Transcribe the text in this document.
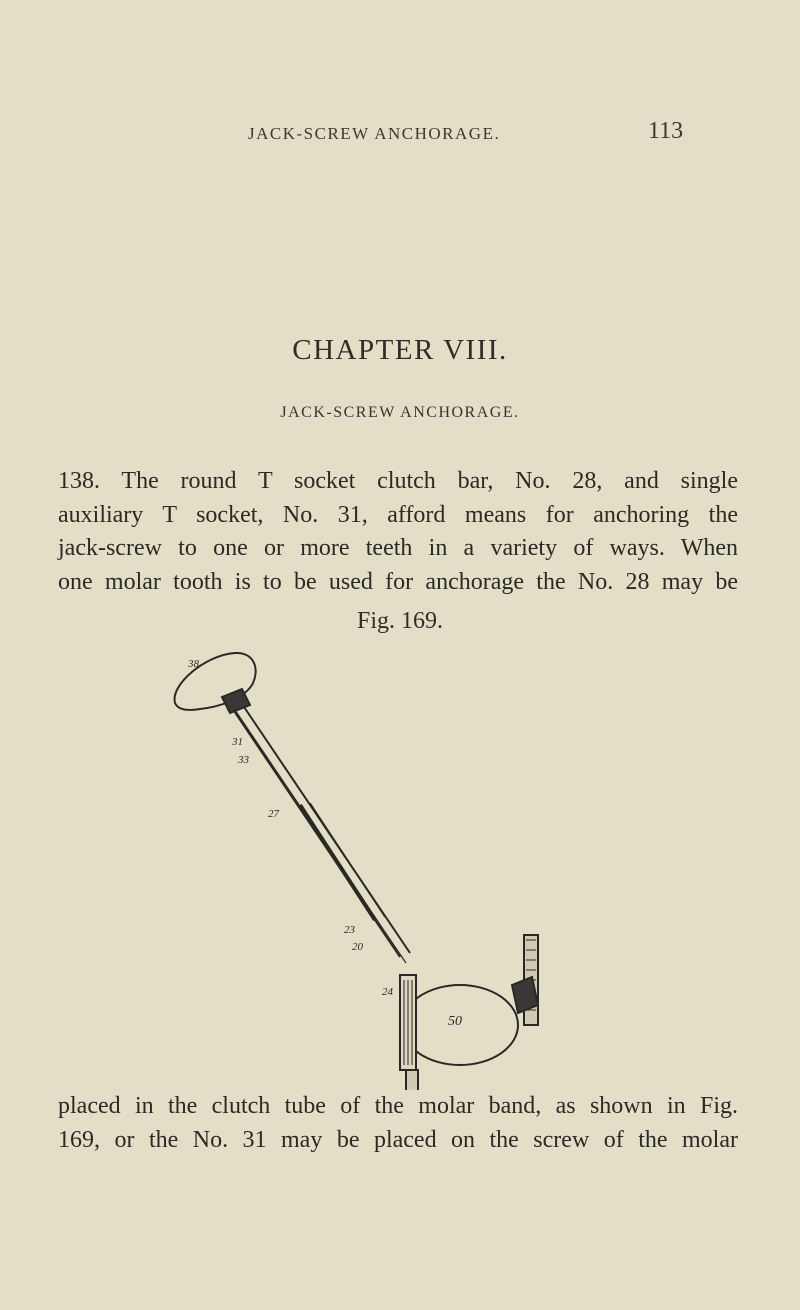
JACK-SCREW ANCHORAGE.	113
CHAPTER VIII.
JACK-SCREW ANCHORAGE.
138. The round T socket clutch bar, No. 28, and single
auxiliary T socket, No. 31, afford means for anchoring the
jack-screw to one or more teeth in a variety of ways. When
one molar tooth is to be used for anchorage the No. 28 may be
Fig. 169.
38
31
33
27
23
20
24
50
placed in the clutch tube of the molar band, as shown in Fig.
169, or the No. 31 may be placed on the screw of the molar
